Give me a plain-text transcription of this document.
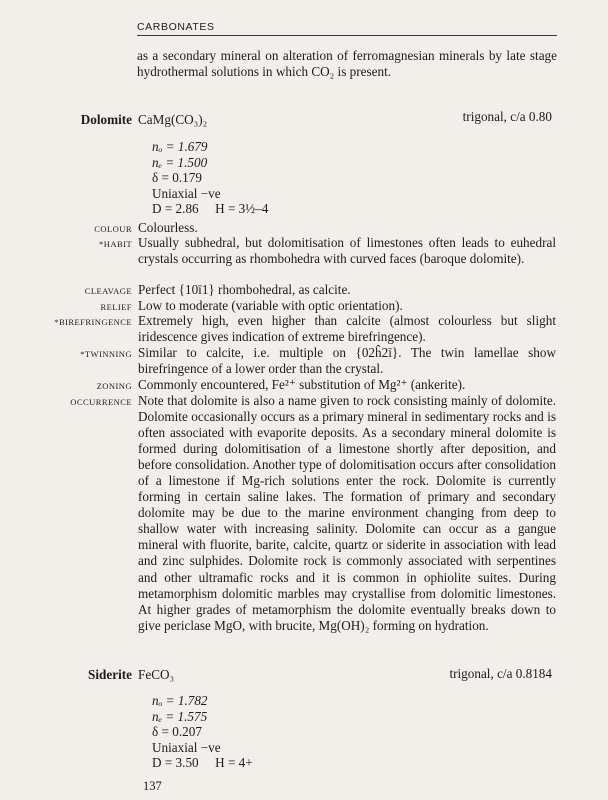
CARBONATES
as a secondary mineral on alteration of ferromagnesian minerals by late stage hydrothermal solutions in which CO₂ is present.
Dolomite CaMg(CO₃)₂	trigonal, c/a 0.80
nₒ = 1.679
nₑ = 1.500
δ = 0.179
Uniaxial −ve
D = 2.86     H = 3½–4
COLOUR Colourless.
*HABIT Usually subhedral, but dolomitisation of limestones often leads to euhedral crystals occurring as rhombohedra with curved faces (baroque dolomite).
CLEAVAGE Perfect {10ī1} rhombohedral, as calcite.
RELIEF Low to moderate (variable with optic orientation).
*BIREFRINGENCE Extremely high, even higher than calcite (almost colourless but slight iridescence gives indication of extreme birefringence).
*TWINNING Similar to calcite, i.e. multiple on {02ĥ2ī}. The twin lamellae show birefringence of a lower order than the crystal.
ZONING Commonly encountered, Fe²⁺ substitution of Mg²⁺ (ankerite).
OCCURRENCE Note that dolomite is also a name given to rock consisting mainly of dolomite. Dolomite occasionally occurs as a primary mineral in sedimentary rocks and is often associated with evaporite deposits. As a secondary mineral dolomite is formed during dolomitisation of a limestone shortly after deposition, and before consolidation. Another type of dolomitisation occurs after consolidation of a limestone if Mg-rich solutions enter the rock. Dolomite is currently forming in certain saline lakes. The formation of primary and secondary dolomite may be due to the marine environment changing from deep to shallow water with increasing salinity. Dolomite can occur as a gangue mineral with fluorite, barite, calcite, quartz or siderite in association with lead and zinc sulphides. Dolomite rock is commonly associated with serpentines and other ultramafic rocks and it is common in ophiolite suites. During metamorphism dolomitic marbles may crystallise from dolomitic limestones. At higher grades of metamorphism the dolomite eventually breaks down to give periclase MgO, with brucite, Mg(OH)₂ forming on hydration.
Siderite FeCO₃	trigonal, c/a 0.8184
nₒ = 1.782
nₑ = 1.575
δ = 0.207
Uniaxial −ve
D = 3.50     H = 4+
137
